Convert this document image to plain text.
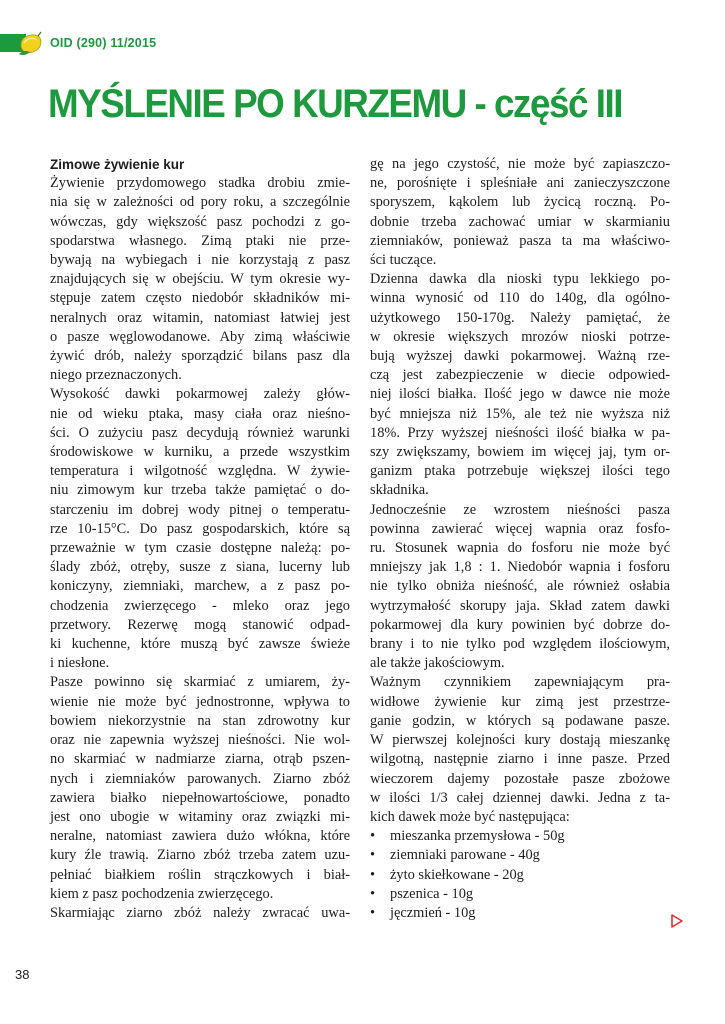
OID (290) 11/2015
MYŚLENIE PO KURZEMU - część III
Zimowe żywienie kur
Żywienie przydomowego stadka drobiu zmie-
nia się w zależności od pory roku, a szczególnie
wówczas, gdy większość pasz pochodzi z go-
spodarstwa własnego. Zimą ptaki nie prze-
bywają na wybiegach i nie korzystają z pasz
znajdujących się w obejściu. W tym okresie wy-
stępuje zatem często niedobór składników mi-
neralnych oraz witamin, natomiast łatwiej jest
o pasze węglowodanowe. Aby zimą właściwie
żywić drób, należy sporządzić bilans pasz dla
niego przeznaczonych.
Wysokość dawki pokarmowej zależy głów-
nie od wieku ptaka, masy ciała oraz nieśno-
ści. O zużyciu pasz decydują również warunki
środowiskowe w kurniku, a przede wszystkim
temperatura i wilgotność względna. W żywie-
niu zimowym kur trzeba także pamiętać o do-
starczeniu im dobrej wody pitnej o temperatu-
rze 10-15°C. Do pasz gospodarskich, które są
przeważnie w tym czasie dostępne należą: po-
ślady zbóż, otręby, susze z siana, lucerny lub
koniczyny, ziemniaki, marchew, a z pasz po-
chodzenia zwierzęcego - mleko oraz jego
przetwory. Rezerwę mogą stanowić odpad-
ki kuchenne, które muszą być zawsze świeże
i niesłone.
Pasze powinno się skarmiać z umiarem, ży-
wienie nie może być jednostronne, wpływa to
bowiem niekorzystnie na stan zdrowotny kur
oraz nie zapewnia wyższej nieśności. Nie wol-
no skarmiać w nadmiarze ziarna, otrąb pszen-
nych i ziemniaków parowanych. Ziarno zbóż
zawiera białko niepełnowartościowe, ponadto
jest ono ubogie w witaminy oraz związki mi-
neralne, natomiast zawiera dużo włókna, które
kury źle trawią. Ziarno zbóż trzeba zatem uzu-
pełniać białkiem roślin strączkowych i biał-
kiem z pasz pochodzenia zwierzęcego.
Skarmiając ziarno zbóż należy zwracać uwa-
gę na jego czystość, nie może być zapiaszczo-
ne, porośnięte i spleśniałe ani zanieczyszczone
sporyszem, kąkolem lub życicą roczną. Po-
dobnie trzeba zachować umiar w skarmianiu
ziemniaków, ponieważ pasza ta ma właściwo-
ści tuczące.
Dzienna dawka dla nioski typu lekkiego po-
winna wynosić od 110 do 140g, dla ogólno-
użytkowego 150-170g. Należy pamiętać, że
w okresie większych mrozów nioski potrze-
bują wyższej dawki pokarmowej. Ważną rze-
czą jest zabezpieczenie w diecie odpowied-
niej ilości białka. Ilość jego w dawce nie może
być mniejsza niż 15%, ale też nie wyższa niż
18%. Przy wyższej nieśności ilość białka w pa-
szy zwiększamy, bowiem im więcej jaj, tym or-
ganizm ptaka potrzebuje większej ilości tego
składnika.
Jednocześnie ze wzrostem nieśności pasza
powinna zawierać więcej wapnia oraz fosfo-
ru. Stosunek wapnia do fosforu nie może być
mniejszy jak 1,8 : 1. Niedobór wapnia i fosforu
nie tylko obniża nieśność, ale również osłabia
wytrzymałość skorupy jaja. Skład zatem dawki
pokarmowej dla kury powinien być dobrze do-
brany i to nie tylko pod względem ilościowym,
ale także jakościowym.
Ważnym czynnikiem zapewniającym pra-
widłowe żywienie kur zimą jest przestrze-
ganie godzin, w których są podawane pasze.
W pierwszej kolejności kury dostają mieszankę
wilgotną, następnie ziarno i inne pasze. Przed
wieczorem dajemy pozostałe pasze zbożowe
w ilości 1/3 całej dziennej dawki. Jedna z ta-
kich dawek może być następująca:
• mieszanka przemysłowa - 50g
• ziemniaki parowane - 40g
• żyto skiełkowane - 20g
• pszenica - 10g
• jęczmień - 10g
38
